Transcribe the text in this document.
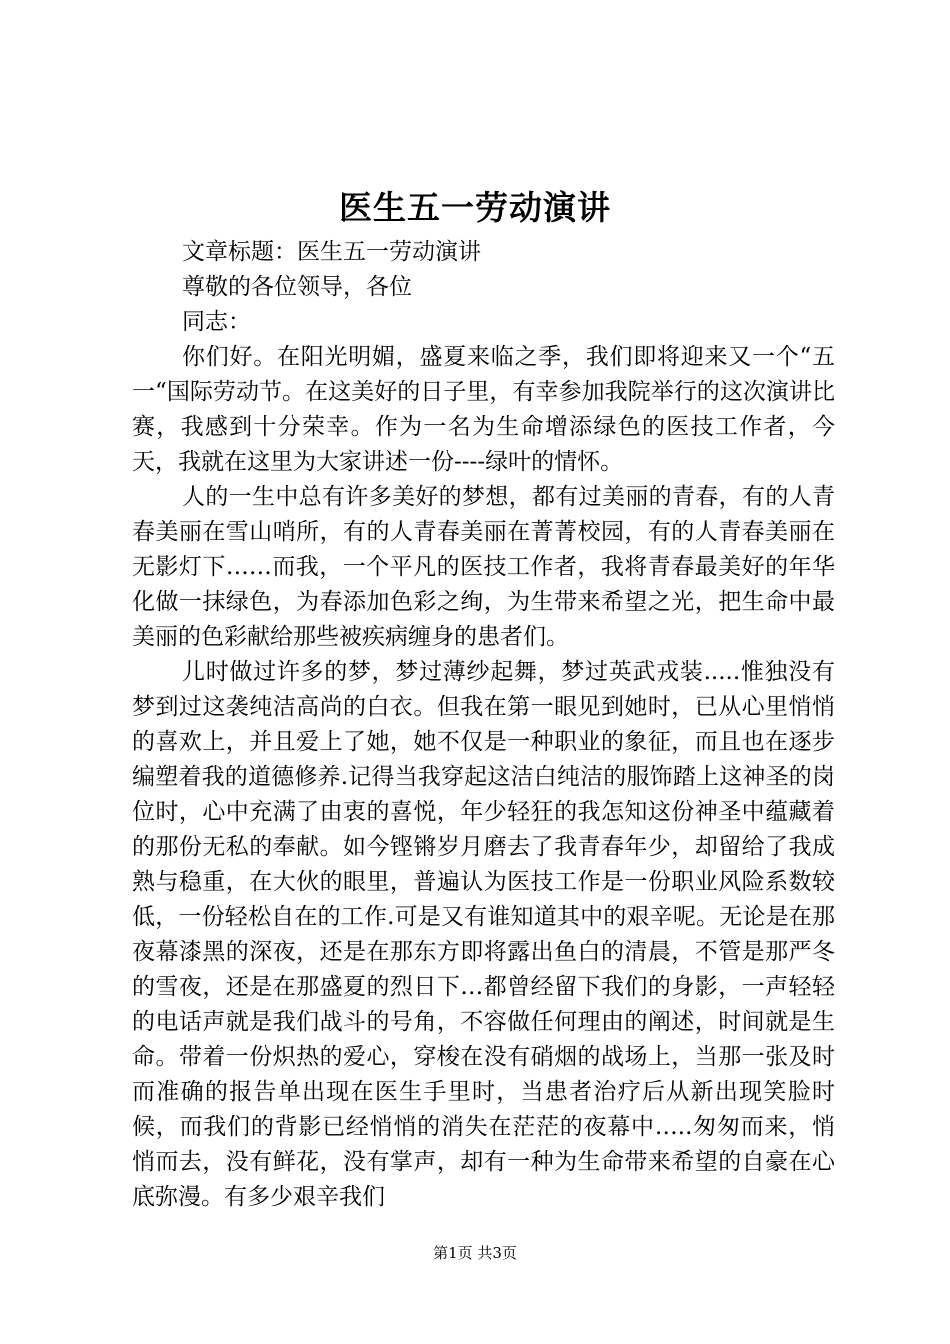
医生五一劳动演讲

文章标题：医生五一劳动演讲

尊敬的各位领导，各位

同志：

你们好。在阳光明媚，盛夏来临之季，我们即将迎来又一个“五一“国际劳动节。在这美好的日子里，有幸参加我院举行的这次演讲比赛，我感到十分荣幸。作为一名为生命增添绿色的医技工作者，今天，我就在这里为大家讲述一份----绿叶的情怀。

人的一生中总有许多美好的梦想，都有过美丽的青春，有的人青春美丽在雪山哨所，有的人青春美丽在菁菁校园，有的人青春美丽在无影灯下……而我，一个平凡的医技工作者，我将青春最美好的年华化做一抹绿色，为春添加色彩之绚，为生带来希望之光，把生命中最美丽的色彩献给那些被疾病缠身的患者们。

儿时做过许多的梦，梦过薄纱起舞，梦过英武戎装.....惟独没有梦到过这袭纯洁高尚的白衣。但我在第一眼见到她时，已从心里悄悄的喜欢上，并且爱上了她，她不仅是一种职业的象征，而且也在逐步编塑着我的道德修养.记得当我穿起这洁白纯洁的服饰踏上这神圣的岗位时，心中充满了由衷的喜悦，年少轻狂的我怎知这份神圣中蕴藏着的那份无私的奉献。如今铿锵岁月磨去了我青春年少，却留给了我成熟与稳重，在大伙的眼里，普遍认为医技工作是一份职业风险系数较低，一份轻松自在的工作.可是又有谁知道其中的艰辛呢。无论是在那夜幕漆黑的深夜，还是在那东方即将露出鱼白的清晨，不管是那严冬的雪夜，还是在那盛夏的烈日下…都曾经留下我们的身影，一声轻轻的电话声就是我们战斗的号角，不容做任何理由的阐述，时间就是生命。带着一份炽热的爱心，穿梭在没有硝烟的战场上，当那一张及时而准确的报告单出现在医生手里时，当患者治疗后从新出现笑脸时候，而我们的背影已经悄悄的消失在茫茫的夜幕中…..匆匆而来，悄悄而去，没有鲜花，没有掌声，却有一种为生命带来希望的自豪在心底弥漫。有多少艰辛我们

第1页 共3页
